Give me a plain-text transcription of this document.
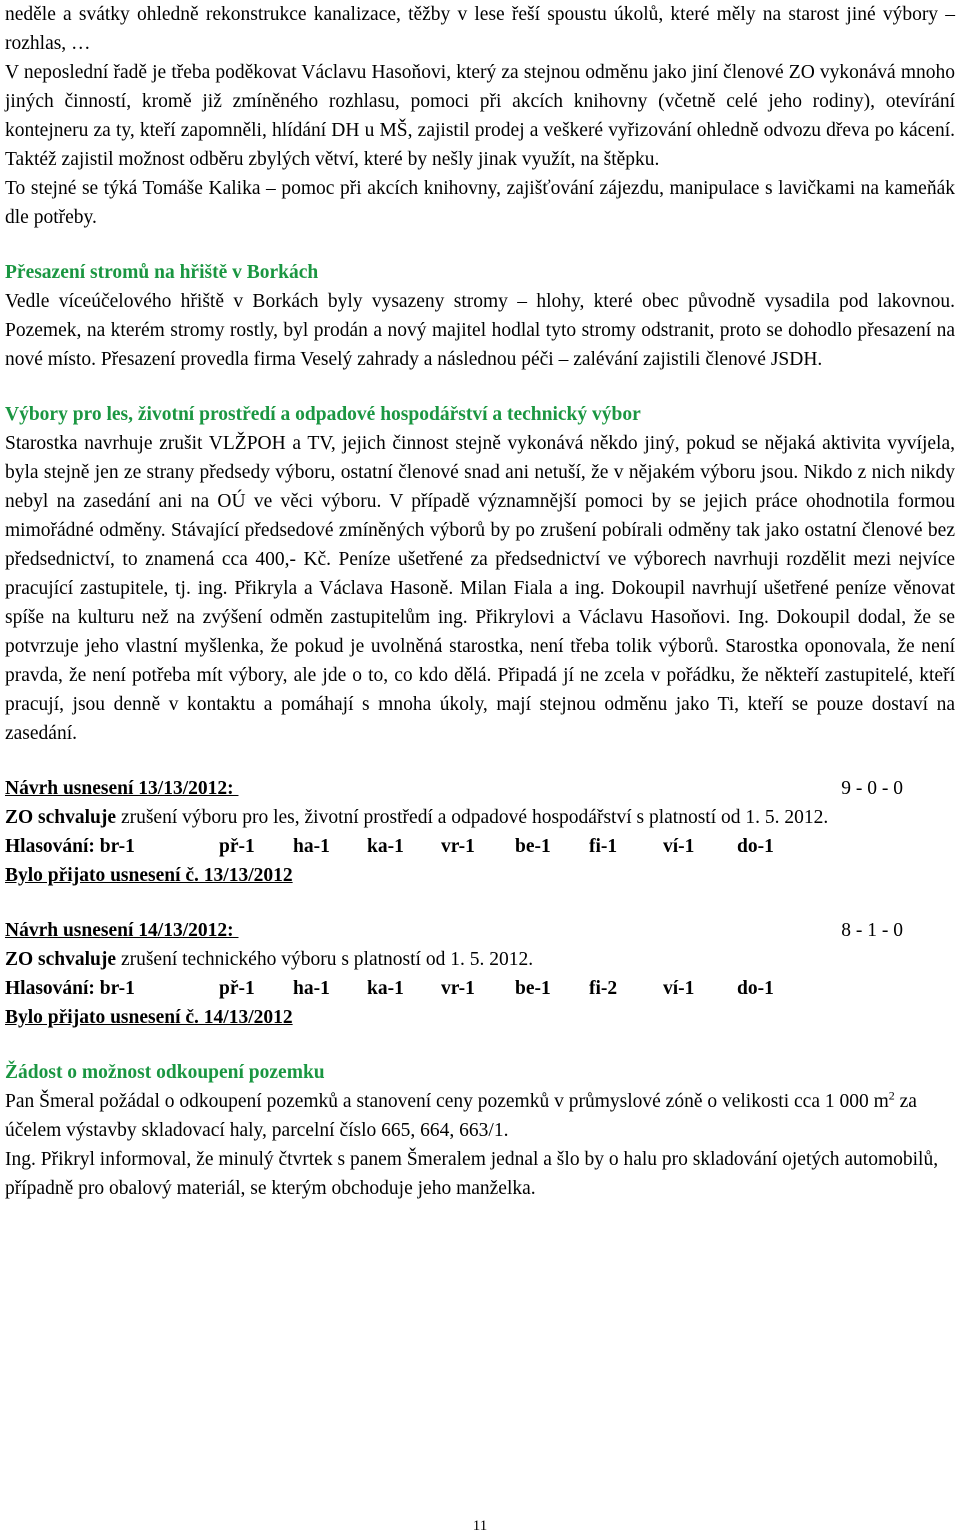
neděle a svátky ohledně rekonstrukce kanalizace, těžby v lese řeší spoustu úkolů, které měly na starost jiné výbory – rozhlas, …

V neposlední řadě je třeba poděkovat Václavu Hasoňovi, který za stejnou odměnu jako jiní členové ZO vykonává mnoho jiných činností, kromě již zmíněného rozhlasu, pomoci při akcích knihovny (včetně celé jeho rodiny), otevírání kontejneru za ty, kteří zapomněli, hlídání DH u MŠ, zajistil prodej a veškeré vyřizování ohledně odvozu dřeva po kácení. Taktéž zajistil možnost odběru zbylých větví, které by nešly jinak využít, na štěpku.

To stejné se týká Tomáše Kalika – pomoc při akcích knihovny, zajišťování zájezdu, manipulace s lavičkami na kameňák dle potřeby.

Přesazení stromů na hřiště v Borkách

Vedle víceúčelového hřiště v Borkách byly vysazeny stromy – hlohy, které obec původně vysadila pod lakovnou. Pozemek, na kterém stromy rostly, byl prodán a nový majitel hodlal tyto stromy odstranit, proto se dohodlo přesazení na nové místo. Přesazení provedla firma Veselý zahrady a následnou péči – zalévání zajistili členové JSDH.

Výbory pro les, životní prostředí a odpadové hospodářství a technický výbor

Starostka navrhuje zrušit VLŽPOH a TV, jejich činnost stejně vykonává někdo jiný, pokud se nějaká aktivita vyvíjela, byla stejně jen ze strany předsedy výboru, ostatní členové snad ani netuší, že v nějakém výboru jsou. Nikdo z nich nikdy nebyl na zasedání ani na OÚ ve věci výboru. V případě významnější pomoci by se jejich práce ohodnotila formou mimořádné odměny. Stávající předsedové zmíněných výborů by po zrušení pobírali odměny tak jako ostatní členové bez předsednictví, to znamená cca 400,- Kč. Peníze ušetřené za předsednictví ve výborech navrhuji rozdělit mezi nejvíce pracující zastupitele, tj. ing. Přikryla a Václava Hasoně. Milan Fiala a ing. Dokoupil navrhují ušetřené peníze věnovat spíše na kulturu než na zvýšení odměn zastupitelům ing. Přikrylovi a Václavu Hasoňovi. Ing. Dokoupil dodal, že se potvrzuje jeho vlastní myšlenka, že pokud je uvolněná starostka, není třeba tolik výborů. Starostka oponovala, že není pravda, že není potřeba mít výbory, ale jde o to, co kdo dělá. Připadá jí ne zcela v pořádku, že někteří zastupitelé, kteří pracují, jsou denně v kontaktu a pomáhají s mnoha úkoly, mají stejnou odměnu jako Ti, kteří se pouze dostaví na zasedání.

Návrh usnesení 13/13/2012:	9 - 0 - 0

ZO schvaluje zrušení výboru pro les, životní prostředí a odpadové hospodářství s platností od 1. 5. 2012.

Hlasování: br-1	př-1	ha-1	ka-1	vr-1	be-1	fi-1	ví-1	do-1

Bylo přijato usnesení č. 13/13/2012

Návrh usnesení 14/13/2012:	8 - 1 - 0

ZO schvaluje zrušení technického výboru s platností od 1. 5. 2012.

Hlasování: br-1	př-1	ha-1	ka-1	vr-1	be-1	fi-2	ví-1	do-1

Bylo přijato usnesení č. 14/13/2012

Žádost o možnost odkoupení pozemku

Pan Šmeral požádal o odkoupení pozemků a stanovení ceny pozemků v průmyslové zóně o velikosti cca 1 000 $m^2$ za účelem výstavby skladovací haly, parcelní číslo 665, 664, 663/1.

Ing. Přikryl informoval, že minulý čtvrtek s panem Šmeralem jednal a šlo by o halu pro skladování ojetých automobilů, případně pro obalový materiál, se kterým obchoduje jeho manželka.

11
